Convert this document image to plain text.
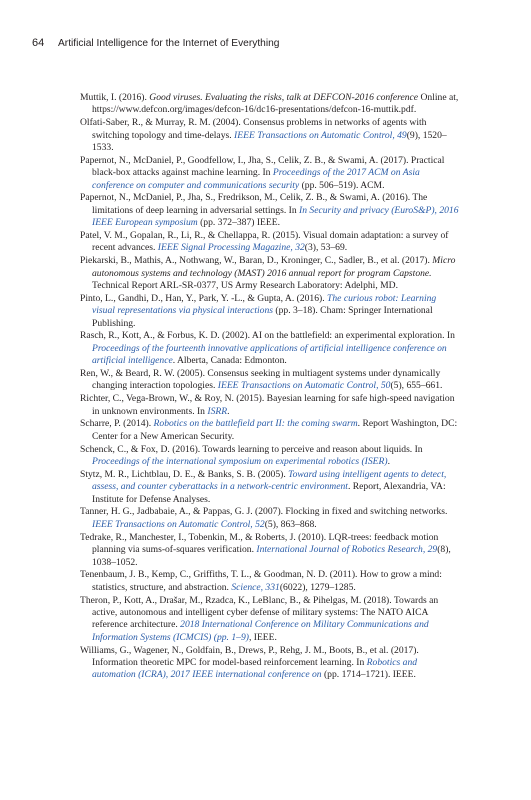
64 Artificial Intelligence for the Internet of Everything

Muttik, I. (2016). Good viruses. Evaluating the risks, talk at DEFCON-2016 conference Online at, https://www.defcon.org/images/defcon-16/dc16-presentations/defcon-16-muttik.pdf.

Olfati-Saber, R., & Murray, R. M. (2004). Consensus problems in networks of agents with switching topology and time-delays. IEEE Transactions on Automatic Control, 49(9), 1520–1533.

Papernot, N., McDaniel, P., Goodfellow, I., Jha, S., Celik, Z. B., & Swami, A. (2017). Practical black-box attacks against machine learning. In Proceedings of the 2017 ACM on Asia conference on computer and communications security (pp. 506–519). ACM.

Papernot, N., McDaniel, P., Jha, S., Fredrikson, M., Celik, Z. B., & Swami, A. (2016). The limitations of deep learning in adversarial settings. In In Security and privacy (EuroS&P), 2016 IEEE European symposium (pp. 372–387) IEEE.

Patel, V. M., Gopalan, R., Li, R., & Chellappa, R. (2015). Visual domain adaptation: a survey of recent advances. IEEE Signal Processing Magazine, 32(3), 53–69.

Piekarski, B., Mathis, A., Nothwang, W., Baran, D., Kroninger, C., Sadler, B., et al. (2017). Micro autonomous systems and technology (MAST) 2016 annual report for program Capstone. Technical Report ARL-SR-0377, US Army Research Laboratory: Adelphi, MD.

Pinto, L., Gandhi, D., Han, Y., Park, Y. -L., & Gupta, A. (2016). The curious robot: Learning visual representations via physical interactions (pp. 3–18). Cham: Springer International Publishing.

Rasch, R., Kott, A., & Forbus, K. D. (2002). AI on the battlefield: an experimental exploration. In Proceedings of the fourteenth innovative applications of artificial intelligence conference on artificial intelligence. Alberta, Canada: Edmonton.

Ren, W., & Beard, R. W. (2005). Consensus seeking in multiagent systems under dynamically changing interaction topologies. IEEE Transactions on Automatic Control, 50(5), 655–661.

Richter, C., Vega-Brown, W., & Roy, N. (2015). Bayesian learning for safe high-speed navigation in unknown environments. In ISRR.

Scharre, P. (2014). Robotics on the battlefield part II: the coming swarm. Report Washington, DC: Center for a New American Security.

Schenck, C., & Fox, D. (2016). Towards learning to perceive and reason about liquids. In Proceedings of the international symposium on experimental robotics (ISER).

Stytz, M. R., Lichtblau, D. E., & Banks, S. B. (2005). Toward using intelligent agents to detect, assess, and counter cyberattacks in a network-centric environment. Report, Alexandria, VA: Institute for Defense Analyses.

Tanner, H. G., Jadbabaie, A., & Pappas, G. J. (2007). Flocking in fixed and switching networks. IEEE Transactions on Automatic Control, 52(5), 863–868.

Tedrake, R., Manchester, I., Tobenkin, M., & Roberts, J. (2010). LQR-trees: feedback motion planning via sums-of-squares verification. International Journal of Robotics Research, 29(8), 1038–1052.

Tenenbaum, J. B., Kemp, C., Griffiths, T. L., & Goodman, N. D. (2011). How to grow a mind: statistics, structure, and abstraction. Science, 331(6022), 1279–1285.

Theron, P., Kott, A., Drašar, M., Rzadca, K., LeBlanc, B., & Pihelgas, M. (2018). Towards an active, autonomous and intelligent cyber defense of military systems: The NATO AICA reference architecture. 2018 International Conference on Military Communications and Information Systems (ICMCIS) (pp. 1–9), IEEE.

Williams, G., Wagener, N., Goldfain, B., Drews, P., Rehg, J. M., Boots, B., et al. (2017). Information theoretic MPC for model-based reinforcement learning. In Robotics and automation (ICRA), 2017 IEEE international conference on (pp. 1714–1721). IEEE.
